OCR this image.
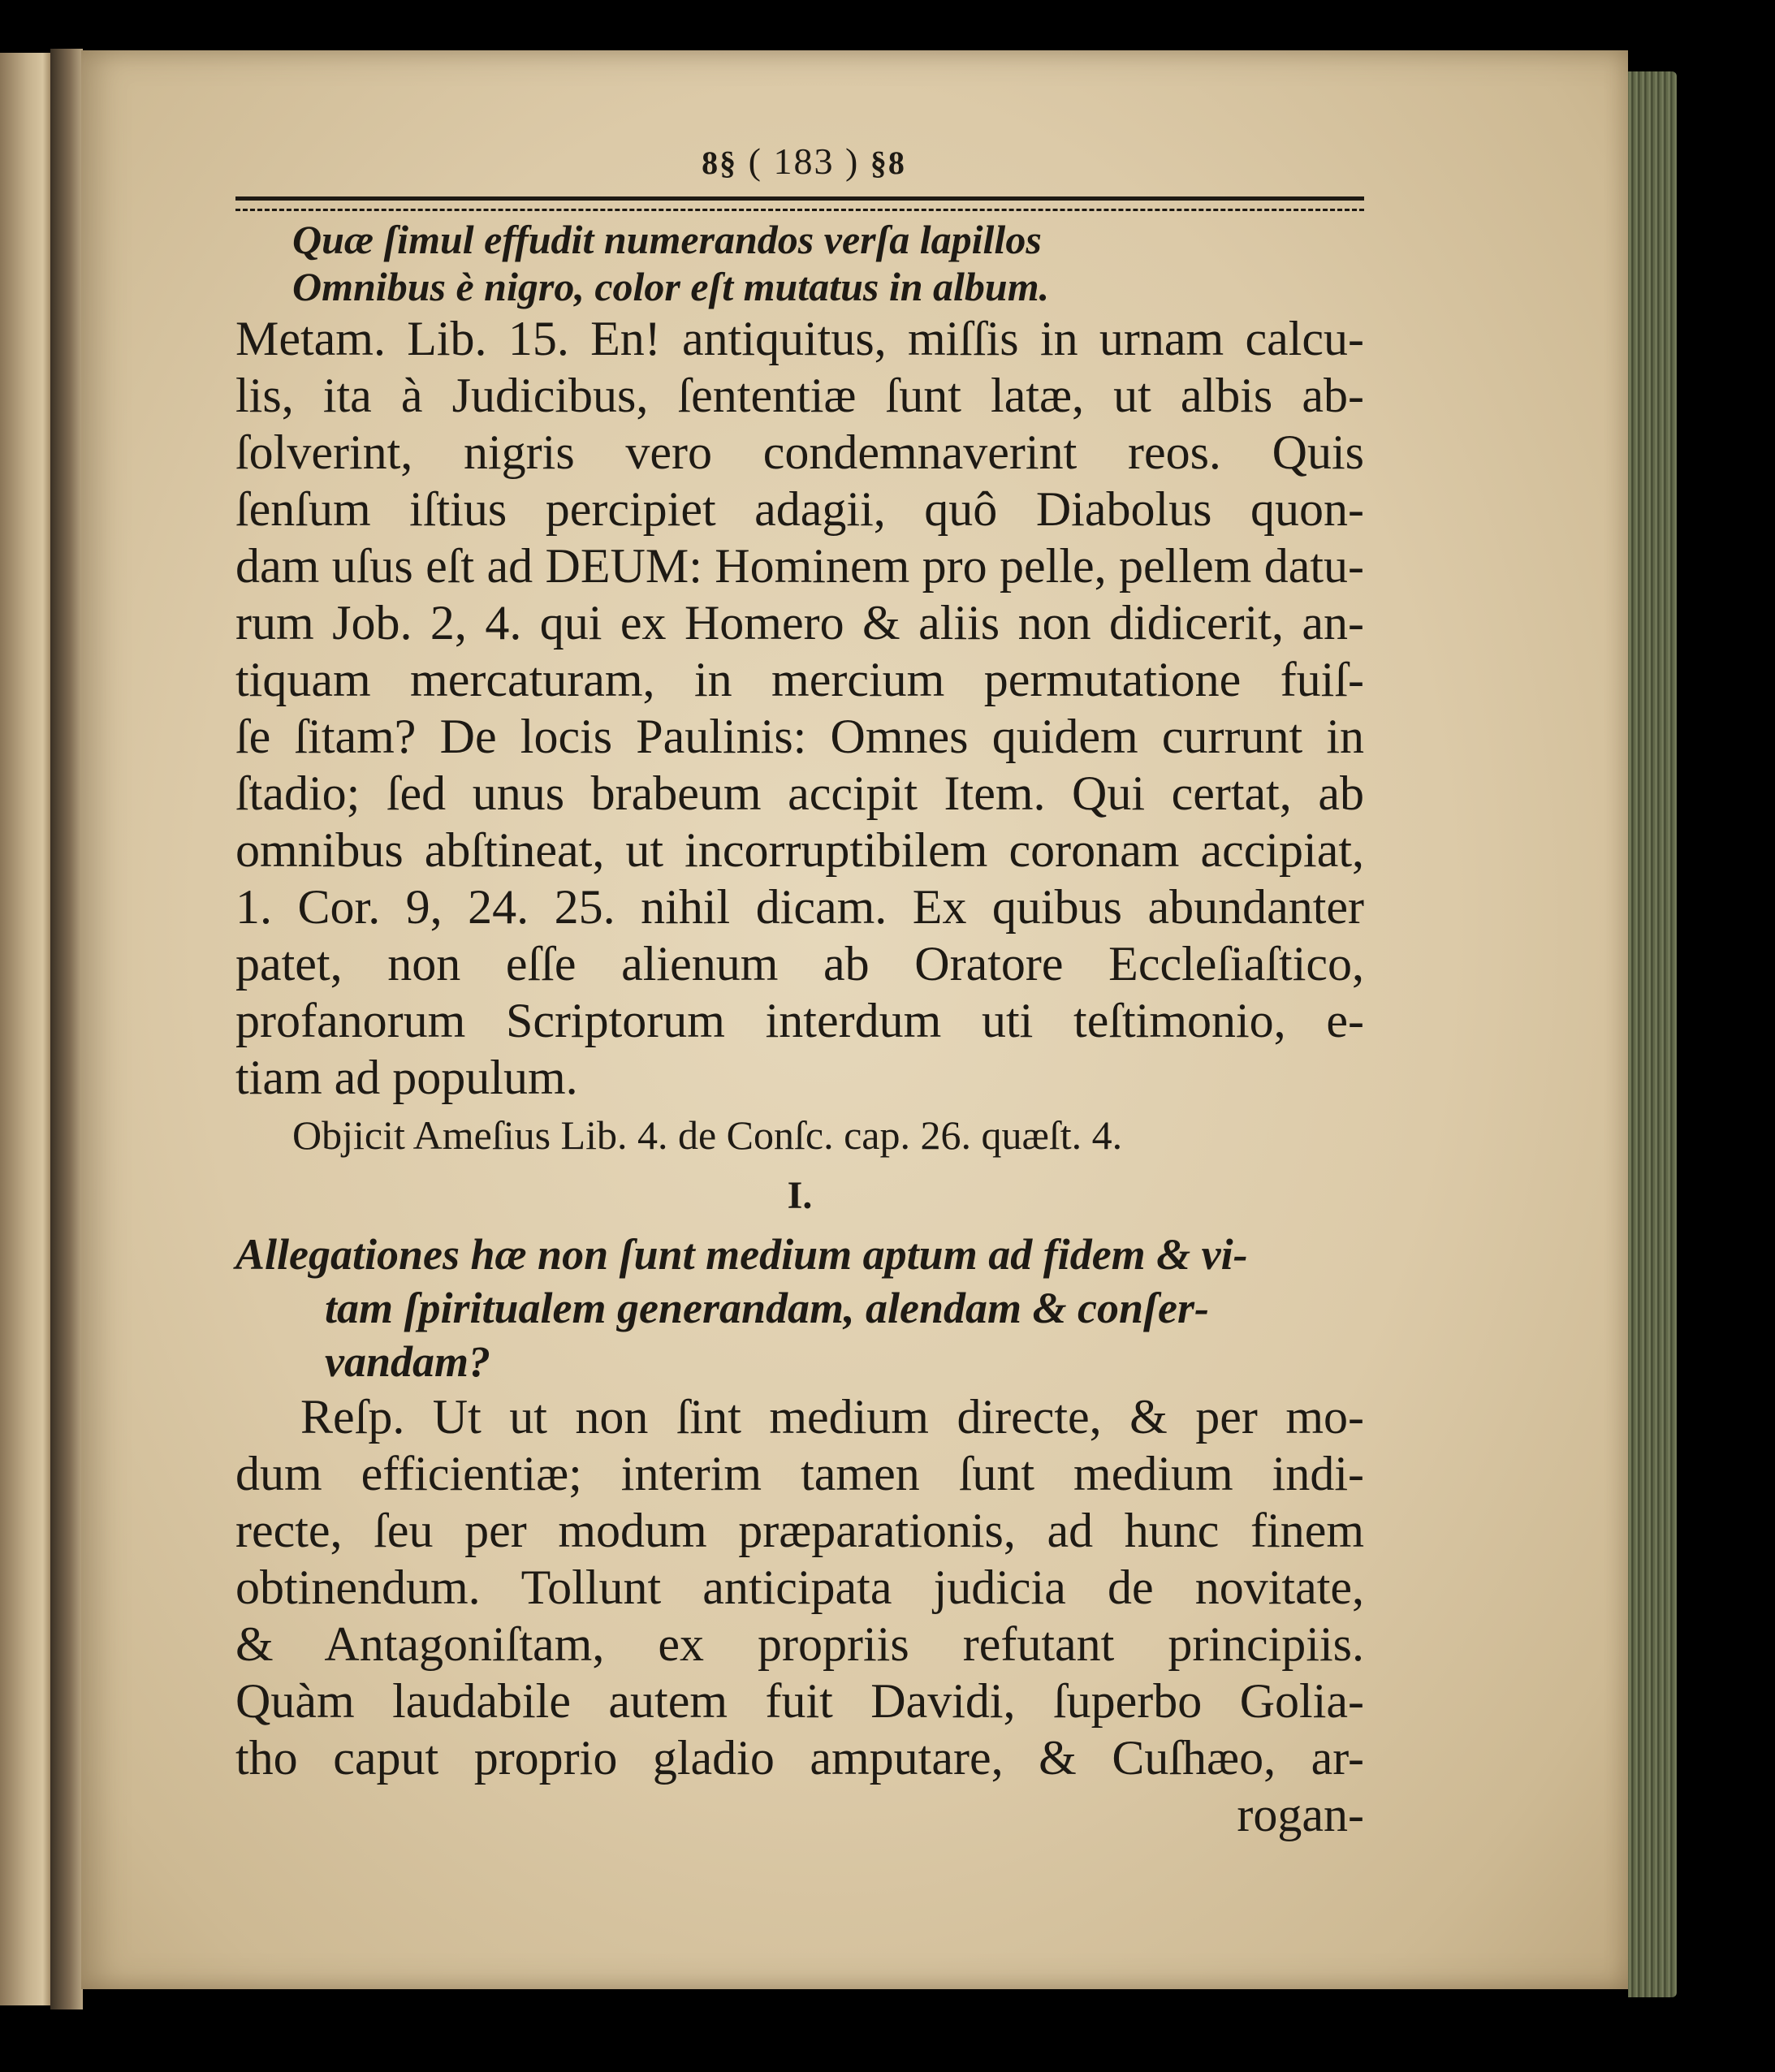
8§ ( 183 ) §8
Quæ ſimul effudit numerandos verſa lapillos
Omnibus è nigro, color eſt mutatus in album.
Metam. Lib. 15. En! antiquitus, miſſis in urnam calcu-
lis, ita à Judicibus, ſententiæ ſunt latæ, ut albis ab-
ſolverint, nigris vero condemnaverint reos. Quis
ſenſum iſtius percipiet adagii, quô Diabolus quon-
dam uſus eſt ad DEUM: Hominem pro pelle, pellem datu-
rum Job. 2, 4. qui ex Homero & aliis non didicerit, an-
tiquam mercaturam, in mercium permutatione fuiſ-
ſe ſitam? De locis Paulinis: Omnes quidem currunt in
ſtadio; ſed unus brabeum accipit Item. Qui certat, ab
omnibus abſtineat, ut incorruptibilem coronam accipiat,
1. Cor. 9, 24. 25. nihil dicam. Ex quibus abundanter
patet, non eſſe alienum ab Oratore Eccleſiaſtico,
profanorum Scriptorum interdum uti teſtimonio, e-
tiam ad populum.
Objicit Ameſius Lib. 4. de Conſc. cap. 26. quæſt. 4.
I.
Allegationes hæ non ſunt medium aptum ad fidem & vi-
tam ſpiritualem generandam, alendam & conſer-
vandam?
Reſp. Ut ut non ſint medium directe, & per mo-
dum efficientiæ; interim tamen ſunt medium indi-
recte, ſeu per modum præparationis, ad hunc finem
obtinendum. Tollunt anticipata judicia de novitate,
& Antagoniſtam, ex propriis refutant principiis.
Quàm laudabile autem fuit Davidi, ſuperbo Golia-
tho caput proprio gladio amputare, & Cuſhæo, ar-
rogan-
